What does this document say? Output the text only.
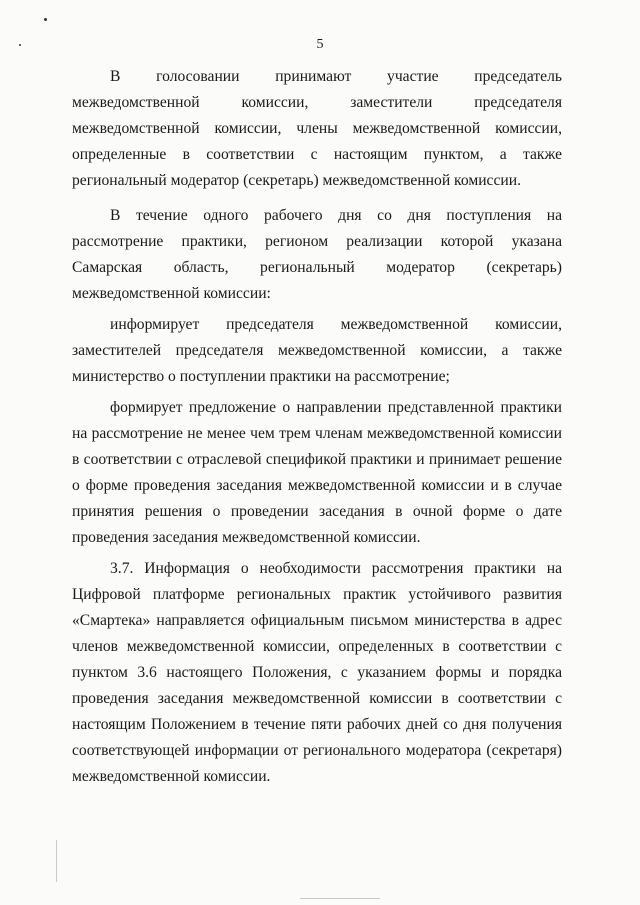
5

В голосовании принимают участие председатель межведомственной комиссии, заместители председателя межведомственной комиссии, члены межведомственной комиссии, определенные в соответствии с настоящим пунктом, а также региональный модератор (секретарь) межведомственной комиссии.

В течение одного рабочего дня со дня поступления на рассмотрение практики, регионом реализации которой указана Самарская область, региональный модератор (секретарь) межведомственной комиссии:

информирует председателя межведомственной комиссии, заместителей председателя межведомственной комиссии, а также министерство о поступлении практики на рассмотрение;

формирует предложение о направлении представленной практики на рассмотрение не менее чем трем членам межведомственной комиссии в соответствии с отраслевой спецификой практики и принимает решение о форме проведения заседания межведомственной комиссии и в случае принятия решения о проведении заседания в очной форме о дате проведения заседания межведомственной комиссии.

3.7. Информация о необходимости рассмотрения практики на Цифровой платформе региональных практик устойчивого развития «Смартека» направляется официальным письмом министерства в адрес членов межведомственной комиссии, определенных в соответствии с пунктом 3.6 настоящего Положения, с указанием формы и порядка проведения заседания межведомственной комиссии в соответствии с настоящим Положением в течение пяти рабочих дней со дня получения соответствующей информации от регионального модератора (секретаря) межведомственной комиссии.
